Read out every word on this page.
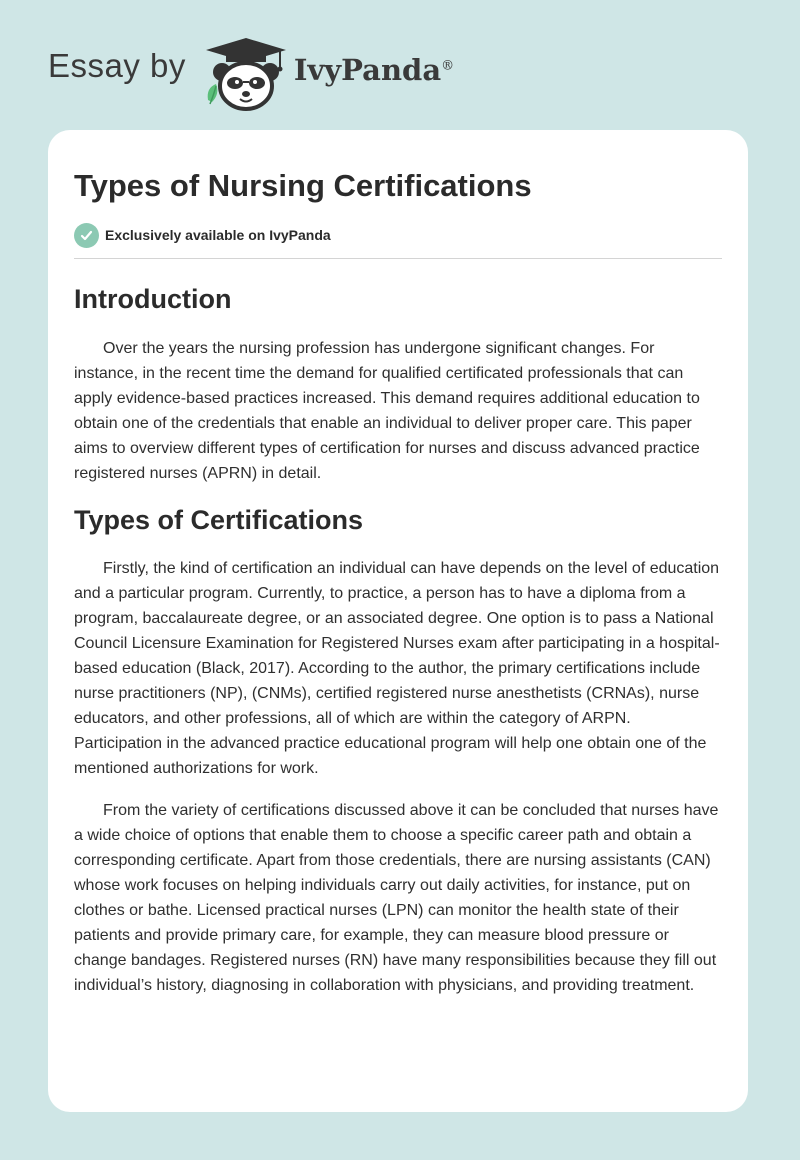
Essay by	IvyPanda®
Types of Nursing Certifications
Exclusively available on IvyPanda
Introduction

Over the years the nursing profession has undergone significant changes. For instance, in the recent time the demand for qualified certificated professionals that can apply evidence-based practices increased. This demand requires additional education to obtain one of the credentials that enable an individual to deliver proper care. This paper aims to overview different types of certification for nurses and discuss advanced practice registered nurses (APRN) in detail.

Types of Certifications

Firstly, the kind of certification an individual can have depends on the level of education and a particular program. Currently, to practice, a person has to have a diploma from a program, baccalaureate degree, or an associated degree. One option is to pass a National Council Licensure Examination for Registered Nurses exam after participating in a hospital-based education (Black, 2017). According to the author, the primary certifications include nurse practitioners (NP), (CNMs), certified registered nurse anesthetists (CRNAs), nurse educators, and other professions, all of which are within the category of ARPN. Participation in the advanced practice educational program will help one obtain one of the mentioned authorizations for work.

From the variety of certifications discussed above it can be concluded that nurses have a wide choice of options that enable them to choose a specific career path and obtain a corresponding certificate. Apart from those credentials, there are nursing assistants (CAN) whose work focuses on helping individuals carry out daily activities, for instance, put on clothes or bathe. Licensed practical nurses (LPN) can monitor the health state of their patients and provide primary care, for example, they can measure blood pressure or change bandages. Registered nurses (RN) have many responsibilities because they fill out individual’s history, diagnosing in collaboration with physicians, and providing treatment.
